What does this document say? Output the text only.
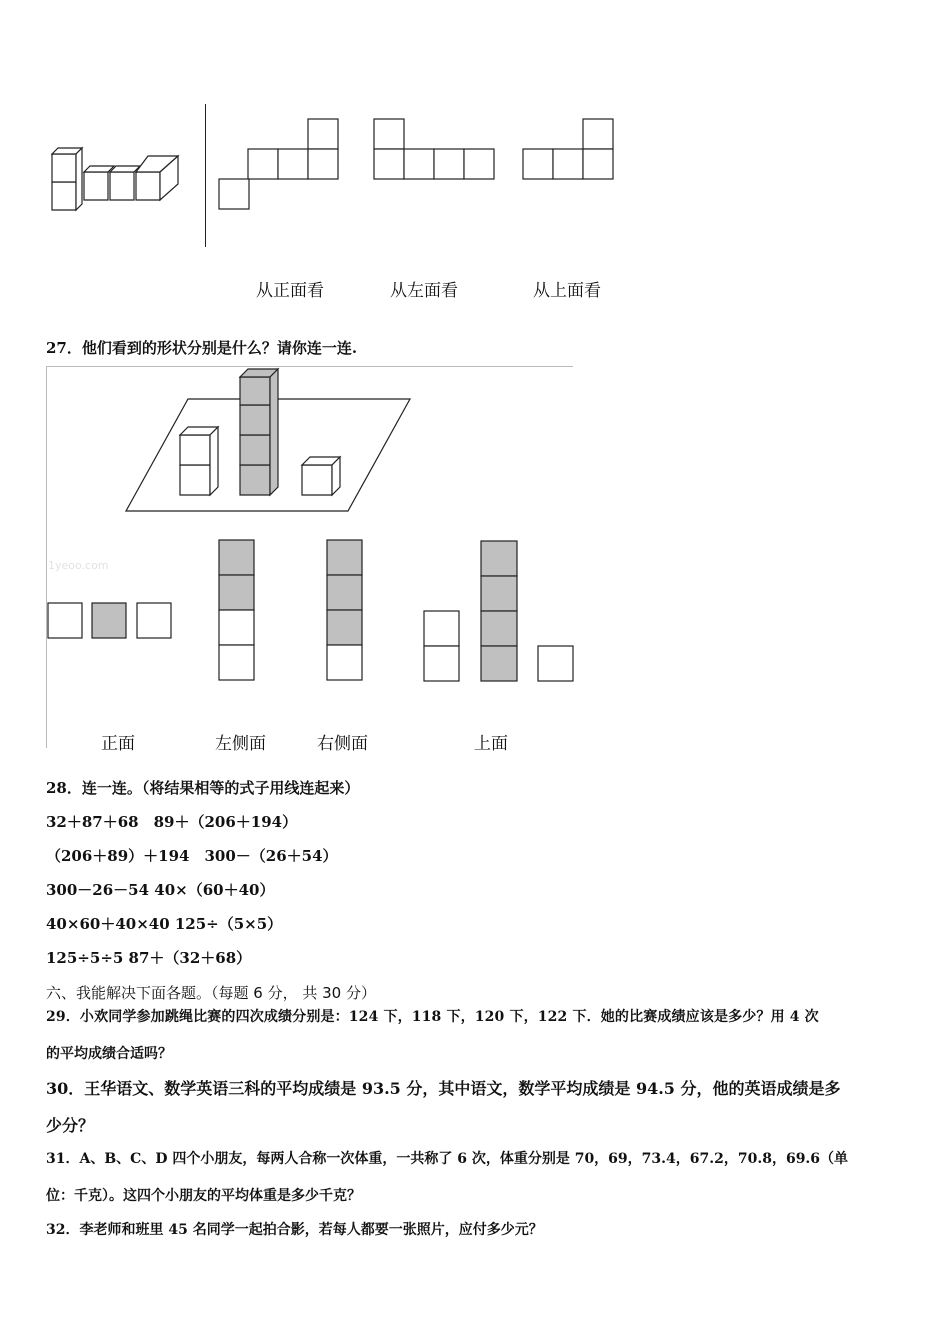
从正面看	从左面看	从上面看
27．他们看到的形状分别是什么？请你连一连.
1yeoo.com
正面	左侧面	右侧面	上面
28．连一连。（将结果相等的式子用线连起来）
32＋87＋68　89＋（206＋194）
（206＋89）＋194　300－（26＋54）
300－26－54 40×（60＋40）
40×60＋40×40 125÷（5×5）
125÷5÷5 87＋（32＋68）
六、我能解决下面各题。（每题 6 分， 共 30 分）
29．小欢同学参加跳绳比赛的四次成绩分别是：124 下，118 下，120 下，122 下．她的比赛成绩应该是多少？用 4 次
的平均成绩合适吗？
30．王华语文、数学英语三科的平均成绩是 93.5 分，其中语文，数学平均成绩是 94.5 分，他的英语成绩是多
少分？
31．A、B、C、D 四个小朋友，每两人合称一次体重，一共称了 6 次，体重分别是 70，69，73.4，67.2，70.8，69.6（单
位：千克）。这四个小朋友的平均体重是多少千克？
32．李老师和班里 45 名同学一起拍合影，若每人都要一张照片，应付多少元？
